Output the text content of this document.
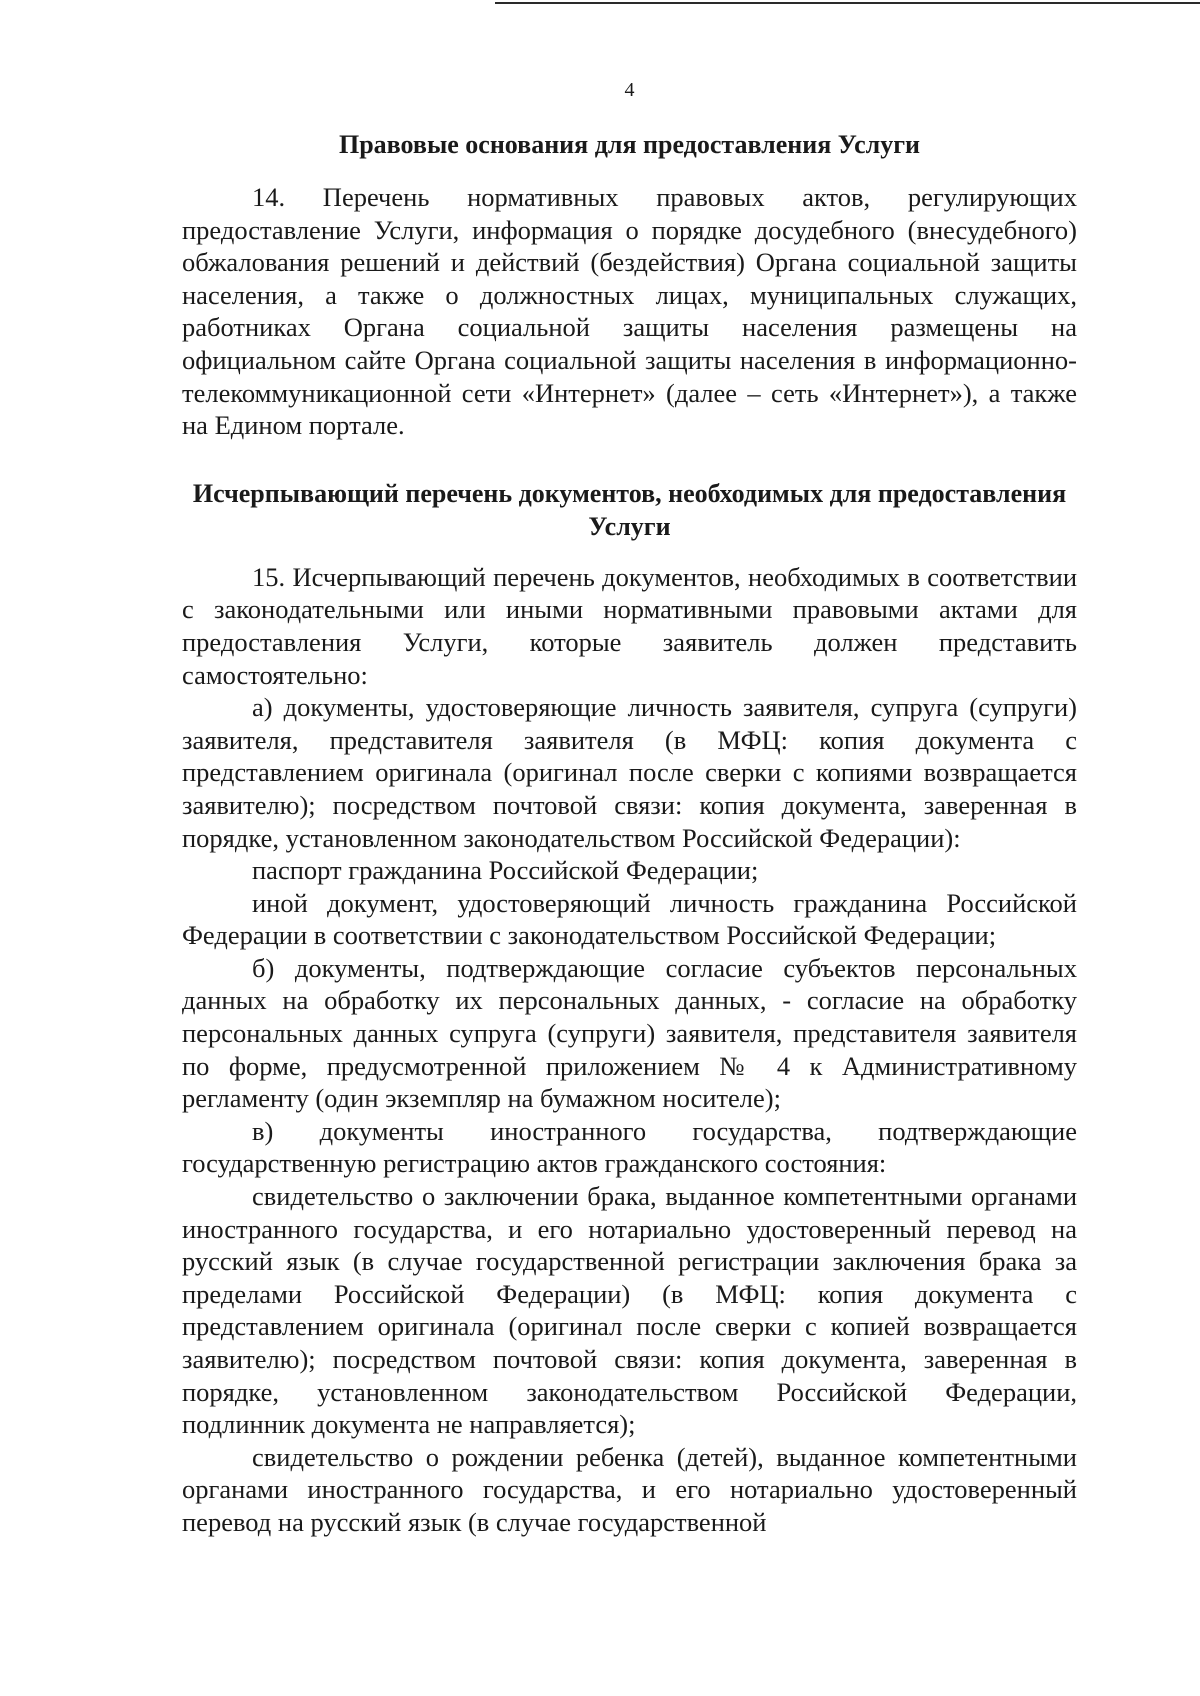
4
Правовые основания для предоставления Услуги

14. Перечень нормативных правовых актов, регулирующих предоставление Услуги, информация о порядке досудебного (внесудебного) обжалования решений и действий (бездействия) Органа социальной защиты населения, а также о должностных лицах, муниципальных служащих, работниках Органа социальной защиты населения размещены на официальном сайте Органа социальной защиты населения в информационно-телекоммуникационной сети «Интернет» (далее – сеть «Интернет»), а также на Едином портале.

Исчерпывающий перечень документов, необходимых для предоставления Услуги

15. Исчерпывающий перечень документов, необходимых в соответствии с законодательными или иными нормативными правовыми актами для предоставления Услуги, которые заявитель должен представить самостоятельно:

а) документы, удостоверяющие личность заявителя, супруга (супруги) заявителя, представителя заявителя (в МФЦ: копия документа с представлением оригинала (оригинал после сверки с копиями возвращается заявителю); посредством почтовой связи: копия документа, заверенная в порядке, установленном законодательством Российской Федерации):

паспорт гражданина Российской Федерации;

иной документ, удостоверяющий личность гражданина Российской Федерации в соответствии с законодательством Российской Федерации;

б) документы, подтверждающие согласие субъектов персональных данных на обработку их персональных данных, - согласие на обработку персональных данных супруга (супруги) заявителя, представителя заявителя по форме, предусмотренной приложением № 4 к Административному регламенту (один экземпляр на бумажном носителе);

в) документы иностранного государства, подтверждающие государственную регистрацию актов гражданского состояния:

свидетельство о заключении брака, выданное компетентными органами иностранного государства, и его нотариально удостоверенный перевод на русский язык (в случае государственной регистрации заключения брака за пределами Российской Федерации) (в МФЦ: копия документа с представлением оригинала (оригинал после сверки с копией возвращается заявителю); посредством почтовой связи: копия документа, заверенная в порядке, установленном законодательством Российской Федерации, подлинник документа не направляется);

свидетельство о рождении ребенка (детей), выданное компетентными органами иностранного государства, и его нотариально удостоверенный перевод на русский язык (в случае государственной
